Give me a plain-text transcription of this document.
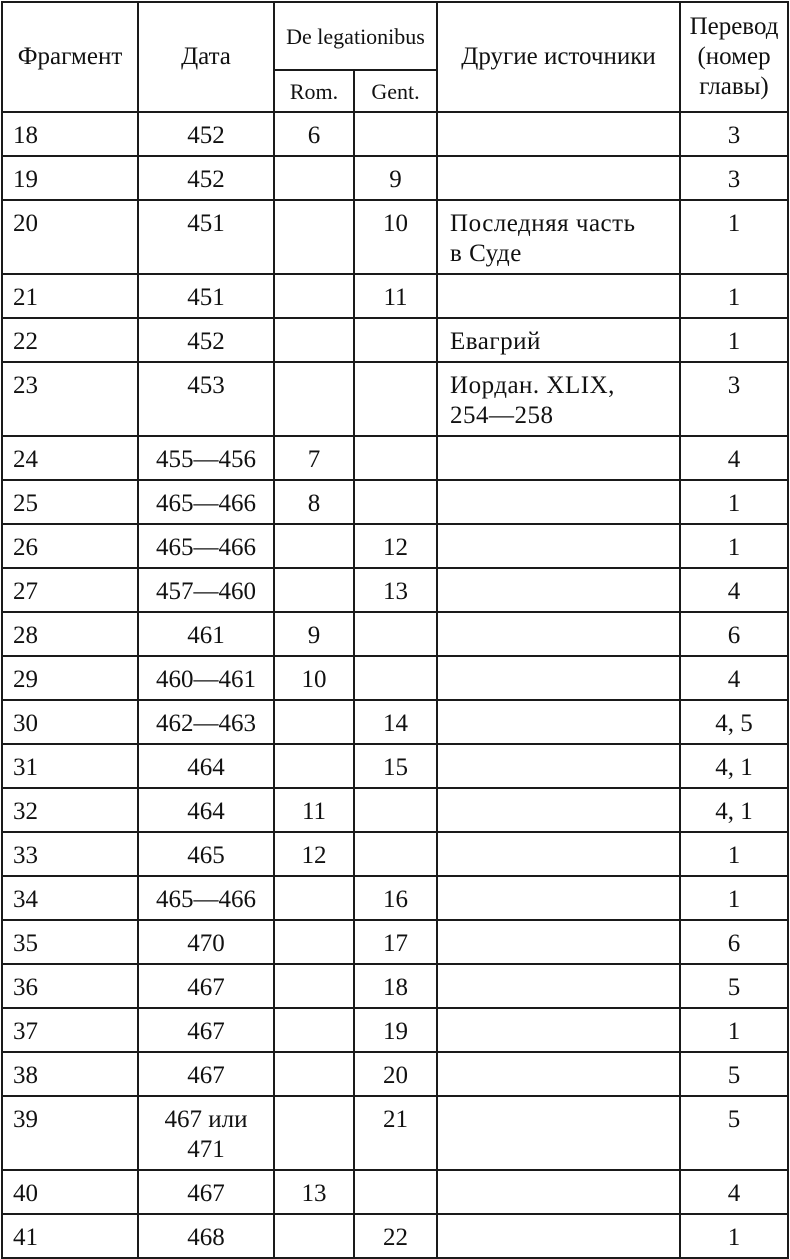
Фрагмент	Дата	De legationibus		Другие источники	Перевод
(номер
главы)

		Rom.	Gent.		

18	452	6			3

19	452		9		3

20	451		10	Последняя часть
в Суде	1

21	451		11		1

22	452			Евагрий	1

23	453			Иордан. XLIX,
254—258	3

24	455—456	7			4

25	465—466	8			1

26	465—466		12		1

27	457—460		13		4

28	461	9			6

29	460—461	10			4

30	462—463		14		4, 5

31	464		15		4, 1

32	464	11			4, 1

33	465	12			1

34	465—466		16		1

35	470		17		6

36	467		18		5

37	467		19		1

38	467		20		5

39	467 или
471		21		5

40	467	13			4

41	468		22		1
